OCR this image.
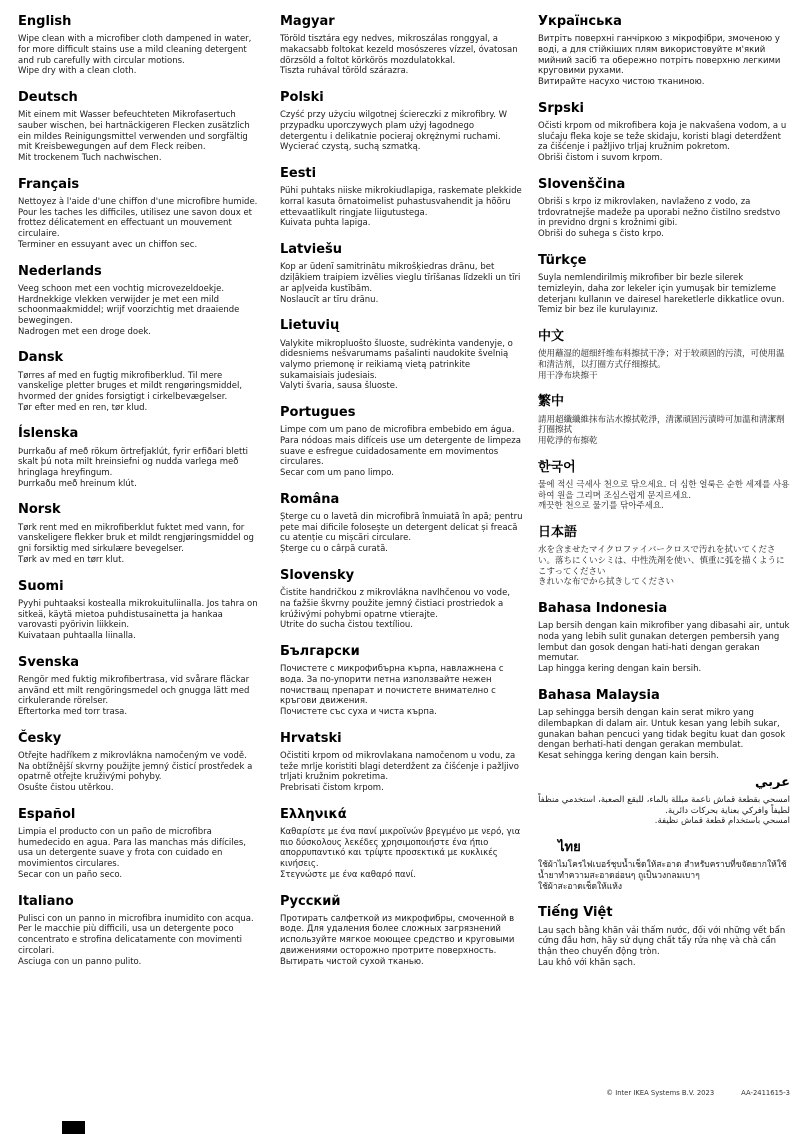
English

Wipe clean with a microfiber cloth dampened in water, for more difficult stains use a mild cleaning detergent and rub carefully with circular motions.

Wipe dry with a clean cloth.

Deutsch

Mit einem mit Wasser befeuchteten Mikrofasertuch sauber wischen, bei hartnäckigeren Flecken zusätzlich ein mildes Reinigungsmittel verwenden und sorgfältig mit Kreisbewegungen auf dem Fleck reiben.

Mit trockenem Tuch nachwischen.

Français

Nettoyez à l'aide d'une chiffon d'une microfibre humide. Pour les taches les difficiles, utilisez une savon doux et frottez délicatement en effectuant un mouvement circulaire.

Terminer en essuyant avec un chiffon sec.

Nederlands

Veeg schoon met een vochtig microvezeldoekje. Hardnekkige vlekken verwijder je met een mild schoonmaakmiddel; wrijf voorzichtig met draaiende bewegingen.

Nadrogen met een droge doek.

Dansk

Tørres af med en fugtig mikrofiberklud. Til mere vanskelige pletter bruges et mildt rengøringsmiddel, hvormed der gnides forsigtigt i cirkelbevægelser.

Tør efter med en ren, tør klud.

Íslenska

Þurrkaðu af með rökum örtrefjaklút, fyrir erfiðari bletti skalt þú nota milt hreinsiefni og nudda varlega með hringlaga hreyfingum.

Þurrkaðu með hreinum klút.

Norsk

Tørk rent med en mikrofiberklut fuktet med vann, for vanskeligere flekker bruk et mildt rengjøringsmiddel og gni forsiktig med sirkulære bevegelser.

Tørk av med en tørr klut.

Suomi

Pyyhi puhtaaksi kostealla mikrokuituliinalla. Jos tahra on sitkeä, käytä mietoa puhdistusainetta ja hankaa varovasti pyörivin liikkein.

Kuivataan puhtaalla liinalla.

Svenska

Rengör med fuktig mikrofibertrasa, vid svårare fläckar använd ett milt rengöringsmedel och gnugga lätt med cirkulerande rörelser.

Eftertorka med torr trasa.

Česky

Otřejte hadříkem z mikrovlákna namočeným ve vodě. Na obtížnější skvrny použijte jemný čisticí prostředek a opatrně otřejte kruživými pohyby.

Osušte čistou utěrkou.

Español

Limpia el producto con un paño de microfibra humedecido en agua. Para las manchas más difíciles, usa un detergente suave y frota con cuidado en movimientos circulares.

Secar con un paño seco.

Italiano

Pulisci con un panno in microfibra inumidito con acqua. Per le macchie più difficili, usa un detergente poco concentrato e strofina delicatamente con movimenti circolari.

Asciuga con un panno pulito.

Magyar

Töröld tisztára egy nedves, mikroszálas ronggyal, a makacsabb foltokat kezeld mosószeres vízzel, óvatosan dörzsöld a foltot körkörös mozdulatokkal.

Tiszta ruhával töröld szárazra.

Polski

Czyść przy użyciu wilgotnej ściereczki z mikrofibry. W przypadku uporczywych plam użyj łagodnego detergentu i delikatnie pocieraj okrężnymi ruchami.

Wycierać czystą, suchą szmatką.

Eesti

Pühi puhtaks niiske mikrokiudlapiga, raskemate plekkide korral kasuta õrnatoimelist puhastusvahendit ja hõõru ettevaatlikult ringjate liigutustega.

Kuivata puhta lapiga.

Latviešu

Kop ar ūdenī samitrinātu mikrošķiedras drānu, bet dziļākiem traipiem izvēlies vieglu tīrīšanas līdzekli un tīri ar apļveida kustībām.

Noslaucīt ar tīru drānu.

Lietuvių

Valykite mikropluošto šluoste, sudrėkinta vandenyje, o didesniems nešvarumams pašalinti naudokite švelnią valymo priemonę ir reikiamą vietą patrinkite sukamaisiais judesiais.

Valyti švaria, sausa šluoste.

Portugues

Limpe com um pano de microfibra embebido em água. Para nódoas mais difíceis use um detergente de limpeza suave e esfregue cuidadosamente em movimentos circulares.

Secar com um pano limpo.

Româna

Șterge cu o lavetă din microfibră înmuiată în apă; pentru pete mai dificile folosește un detergent delicat și freacă cu atenție cu mișcări circulare.

Șterge cu o cârpă curată.

Slovensky

Čistite handričkou z mikrovlákna navlhčenou vo vode, na ťažšie škvrny použite jemný čistiaci prostriedok a krúživými pohybmi opatrne vtierajte.

Utrite do sucha čistou textíliou.

Български

Почистете с микрофибърна кърпа, навлажнена с вода. За по-упорити петна използвайте нежен почистващ препарат и почистете внимателно с кръгови движения.

Почистете със суха и чиста кърпа.

Hrvatski

Očistiti krpom od mikrovlakana namočenom u vodu, za teže mrlje koristiti blagi deterdžent za čišćenje i pažljivo trljati kružnim pokretima.

Prebrisati čistom krpom.

Ελληνικά

Καθαρίστε με ένα πανί μικροϊνών βρεγμένο με νερό, για πιο δύσκολους λεκέδες χρησιμοποιήστε ένα ήπιο απορρυπαντικό και τρίψτε προσεκτικά με κυκλικές κινήσεις.

Στεγνώστε με ένα καθαρό πανί.

Русский

Протирать салфеткой из микрофибры, смоченной в воде. Для удаления более сложных загрязнений используйте мягкое моющее средство и круговыми движениями осторожно протрите поверхность.

Вытирать чистой сухой тканью.

Українська

Витріть поверхні ганчіркою з мікрофібри, змоченою у воді, а для стійкіших плям використовуйте м'який мийний засіб та обережно потріть поверхню легкими круговими рухами.

Витирайте насухо чистою тканиною.

Srpski

Očisti krpom od mikrofibera koja je nakvašena vodom, a u slučaju fleka koje se teže skidaju, koristi blagi deterdžent za čišćenje i pažljivo trljaj kružnim pokretom.

Obriši čistom i suvom krpom.

Slovenščina

Obriši s krpo iz mikrovlaken, navlaženo z vodo, za trdovratnejše madeže pa uporabi nežno čistilno sredstvo in previdno drgni s krožnimi gibi.

Obriši do suhega s čisto krpo.

Türkçe

Suyla nemlendirilmiş mikrofiber bir bezle silerek temizleyin, daha zor lekeler için yumuşak bir temizleme deterjanı kullanın ve dairesel hareketlerle dikkatlice ovun.

Temiz bir bez ile kurulayınız.

中文

使用蘸湿的超细纤维布料擦拭干净；对于较顽固的污渍，可使用温和清洁剂，以打圈方式仔细擦拭。

用干净布块擦干

繁中

請用超纖纖維抹布沾水擦拭乾淨，清潔頑固污漬時可加溫和清潔劑打圈擦拭

用乾淨的布擦乾

한국어

물에 적신 극세사 천으로 닦으세요. 더 심한 얼룩은 순한 세제를 사용하여 원을 그리며 조심스럽게 문지르세요.

깨끗한 천으로 물기를 닦아주세요.

日本語

水を含ませたマイクロファイバークロスで汚れを拭いてください。落ちにくいシミは、中性洗剤を使い、慎重に弧を描くようにこすってください

きれいな布でから拭きしてください

Bahasa Indonesia

Lap bersih dengan kain mikrofiber yang dibasahi air, untuk noda yang lebih sulit gunakan detergen pembersih yang lembut dan gosok dengan hati-hati dengan gerakan memutar.

Lap hingga kering dengan kain bersih.

Bahasa Malaysia

Lap sehingga bersih dengan kain serat mikro yang dilembapkan di dalam air. Untuk kesan yang lebih sukar, gunakan bahan pencuci yang tidak begitu kuat dan gosok dengan berhati-hati dengan gerakan membulat.

Kesat sehingga kering dengan kain bersih.

عربي

امسحي بقطعة قماش ناعمة مبللة بالماء، للبقع الصعبة، استخدمي منظفاً لطيفاً وافركي بعناية بحركات دائرية.

امسحي باستخدام قطعة قماش نظيفة.

ไทย

ใช้ผ้าไมโครไฟเบอร์ชุบน้ำเช็ดให้สะอาด สำหรับคราบที่ขจัดยากให้ใช้น้ำยาทำความสะอาดอ่อนๆ ถูเป็นวงกลมเบาๆ

ใช้ผ้าสะอาดเช็ดให้แห้ง

Tiếng Việt

Lau sạch bằng khăn vải thấm nước, đối với những vết bẩn cứng đầu hơn, hãy sử dụng chất tẩy rửa nhẹ và chà cẩn thận theo chuyển động tròn.

Lau khô với khăn sạch.

© Inter IKEA Systems B.V. 2023	AA-2411615-3
